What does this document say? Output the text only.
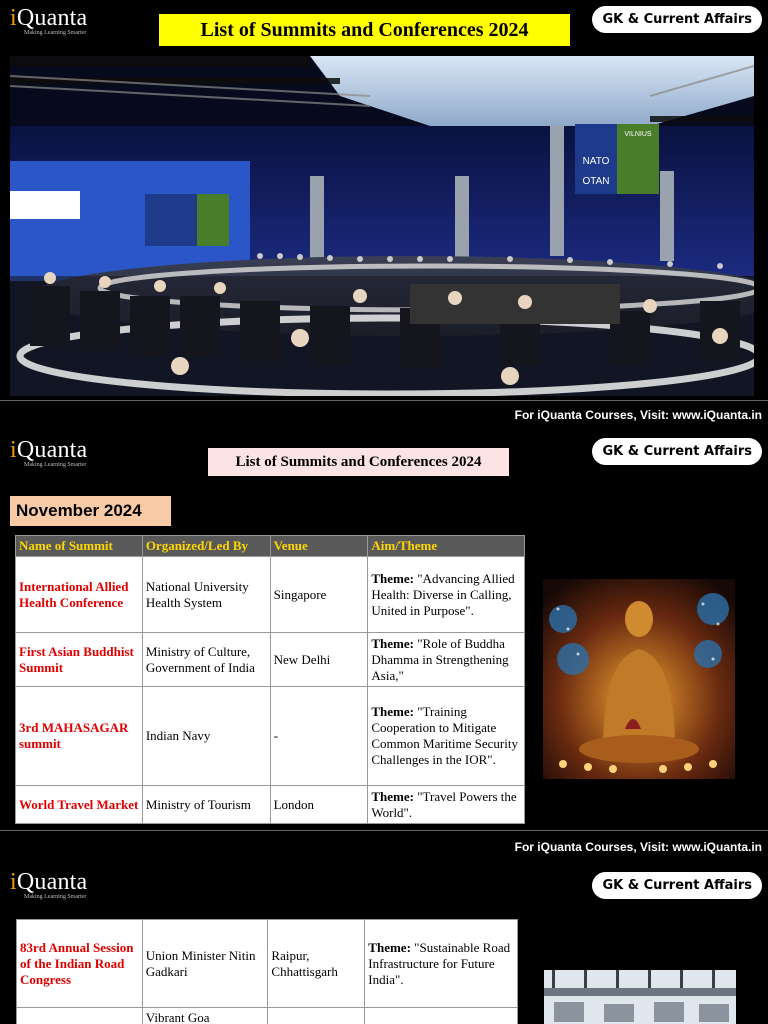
iQuanta
Making Learning Smarter	List of Summits and Conferences 2024	GK & Current Affairs
NATO
OTAN
VILNIUS
For iQuanta Courses, Visit: www.iQuanta.in
iQuanta
Making Learning Smarter	List of Summits and Conferences 2024
GK & Current Affairs
November 2024
Name of Summit	Organized/Led By	Venue	Aim/Theme
International Allied Health Conference	National University Health System	Singapore	Theme: "Advancing Allied Health: Diverse in Calling, United in Purpose".
First Asian Buddhist Summit	Ministry of Culture, Government of India	New Delhi	Theme: "Role of Buddha Dhamma in Strengthening Asia,"
3rd MAHASAGAR summit	Indian Navy	-	Theme: "Training Cooperation to Mitigate Common Maritime Security Challenges in the IOR".
World Travel Market	Ministry of Tourism	London	Theme: "Travel Powers the World".
For iQuanta Courses, Visit: www.iQuanta.in
iQuanta
Making Learning Smarter
GK & Current Affairs
83rd Annual Session of the Indian Road Congress	Union Minister Nitin Gadkari	Raipur, Chhattisgarh	Theme: "Sustainable Road Infrastructure for Future India".
	Vibrant Goa		
